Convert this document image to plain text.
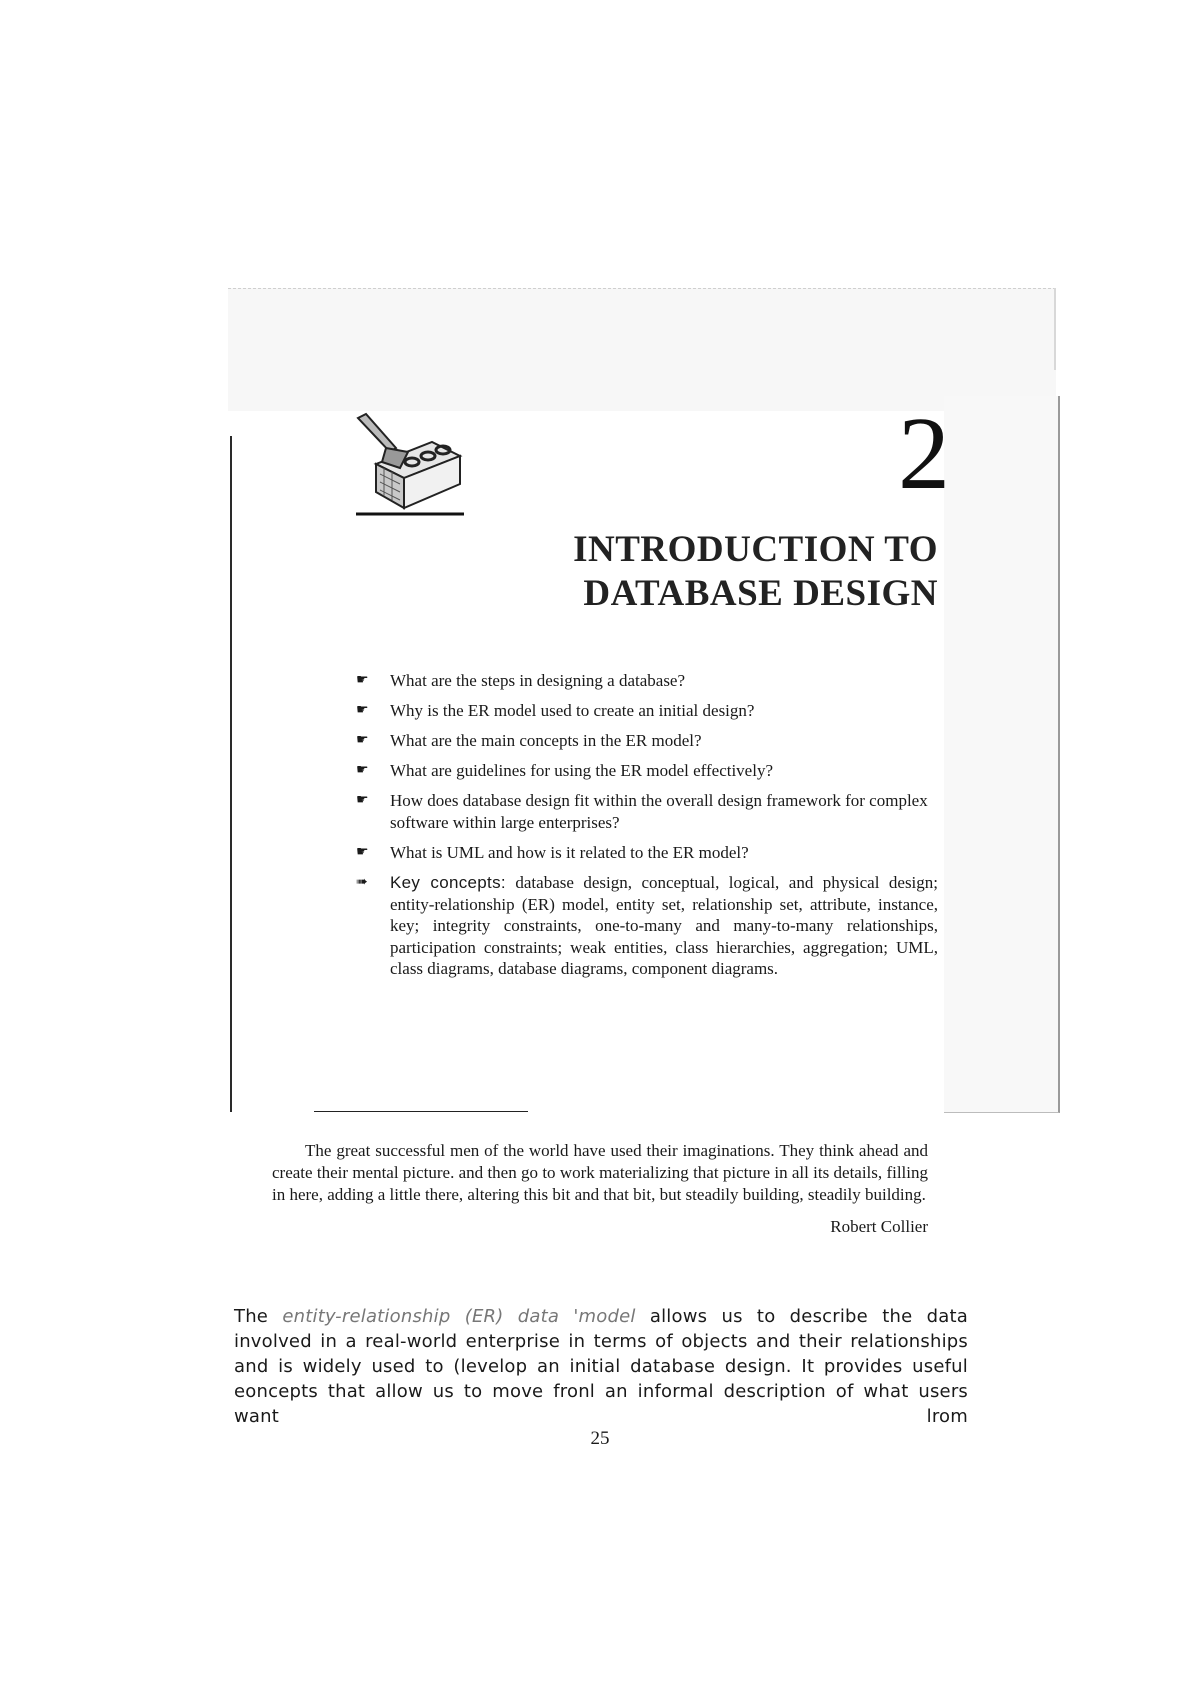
2
INTRODUCTION TO
DATABASE DESIGN
☛	What are the steps in designing a database?
☛	Why is the ER model used to create an initial design?
☛	What are the main concepts in the ER model?
☛	What are guidelines for using the ER model effectively?
☛	How does database design fit within the overall design framework for complex software within large enterprises?
☛	What is UML and how is it related to the ER model?
➠	Key concepts: database design, conceptual, logical, and physical design; entity-relationship (ER) model, entity set, relationship set, attribute, instance, key; integrity constraints, one-to-many and many-to-many relationships, participation constraints; weak entities, class hierarchies, aggregation; UML, class diagrams, database diagrams, component diagrams.

The great successful men of the world have used their imaginations. They think ahead and create their mental picture. and then go to work materializing that picture in all its details, filling in here, adding a little there, altering this bit and that bit, but steadily building, steadily building.

Robert Collier

The entity-relationship (ER) data 'model allows us to describe the data involved in a real-world enterprise in terms of objects and their relationships and is widely used to (levelop an initial database design. It provides useful eoncepts that allow us to move fronl an informal description of what users want lrom

25
